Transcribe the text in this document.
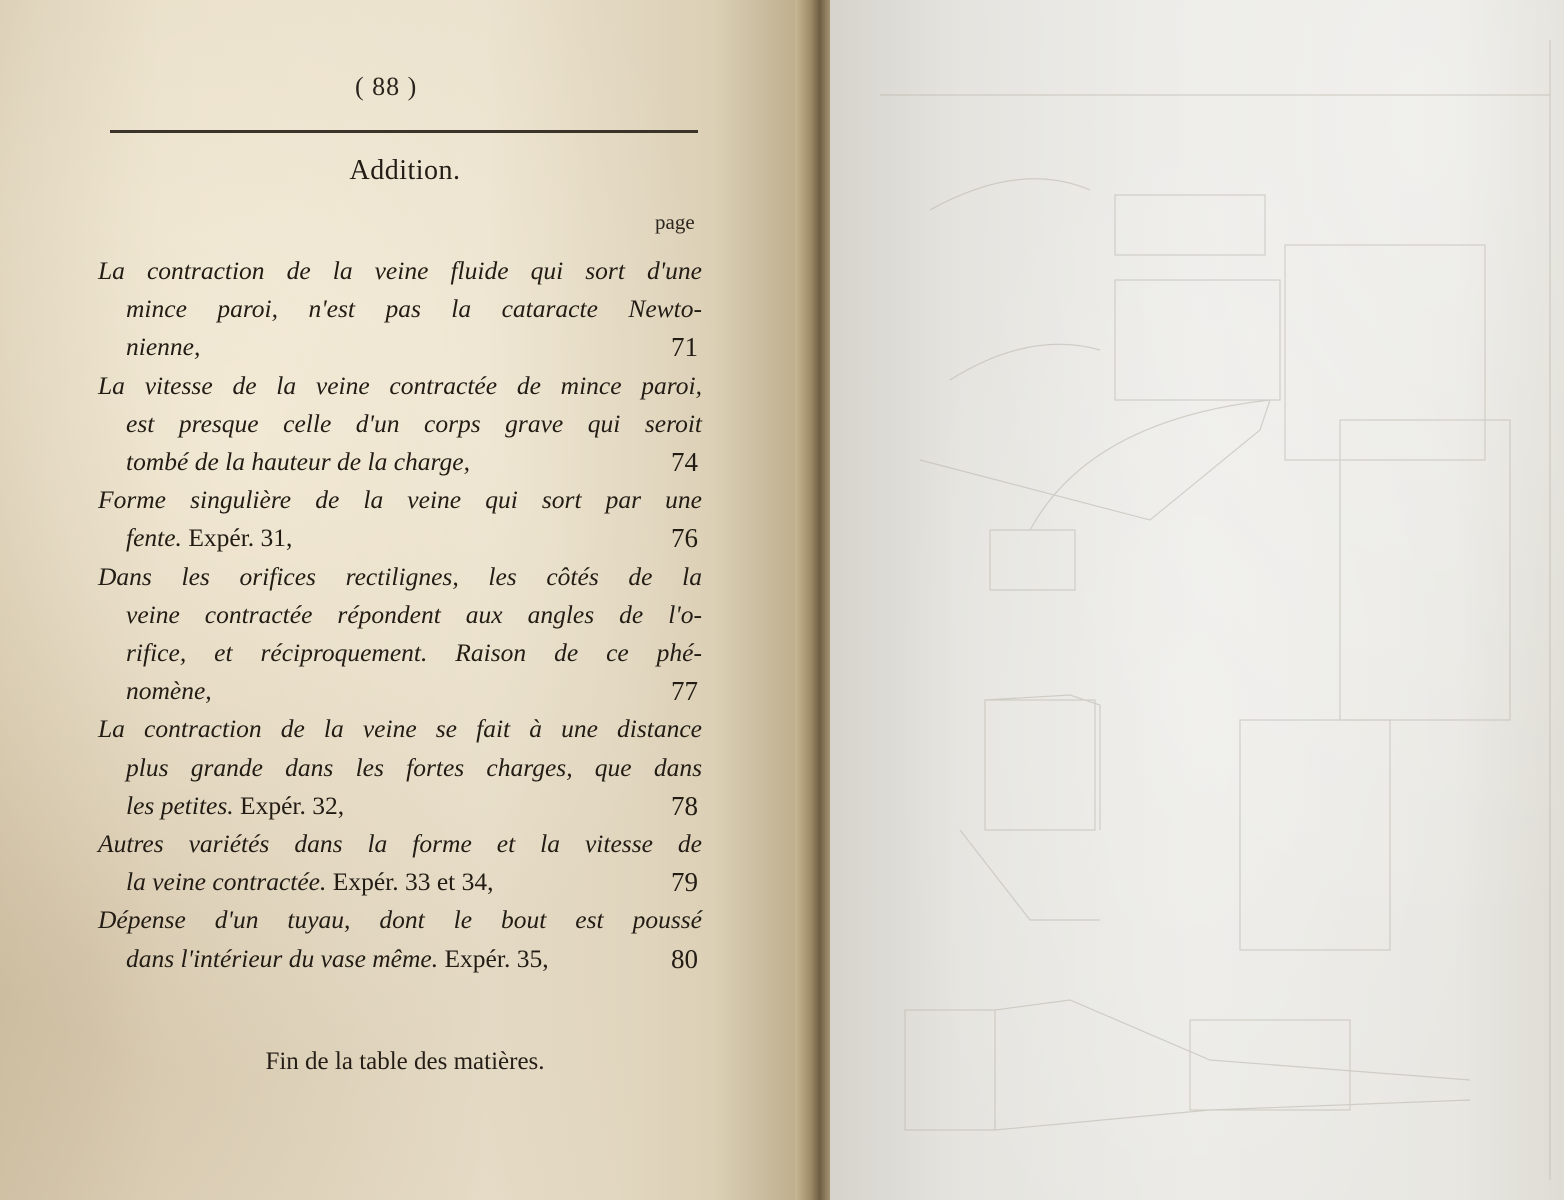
( 88 )
Addition.
page
La contraction de la veine fluide qui sort d'une
mince paroi, n'est pas la cataracte Newto-
nienne,	71
La vitesse de la veine contractée de mince paroi,
est presque celle d'un corps grave qui seroit
tombé de la hauteur de la charge,	74
Forme singulière de la veine qui sort par une
fente. Expér. 31,	76
Dans les orifices rectilignes, les côtés de la
veine contractée répondent aux angles de l'o-
rifice, et réciproquement. Raison de ce phé-
nomène,	77
La contraction de la veine se fait à une distance
plus grande dans les fortes charges, que dans
les petites. Expér. 32,	78
Autres variétés dans la forme et la vitesse de
la veine contractée. Expér. 33 et 34,	79
Dépense d'un tuyau, dont le bout est poussé
dans l'intérieur du vase même. Expér. 35,	80
Fin de la table des matières.
